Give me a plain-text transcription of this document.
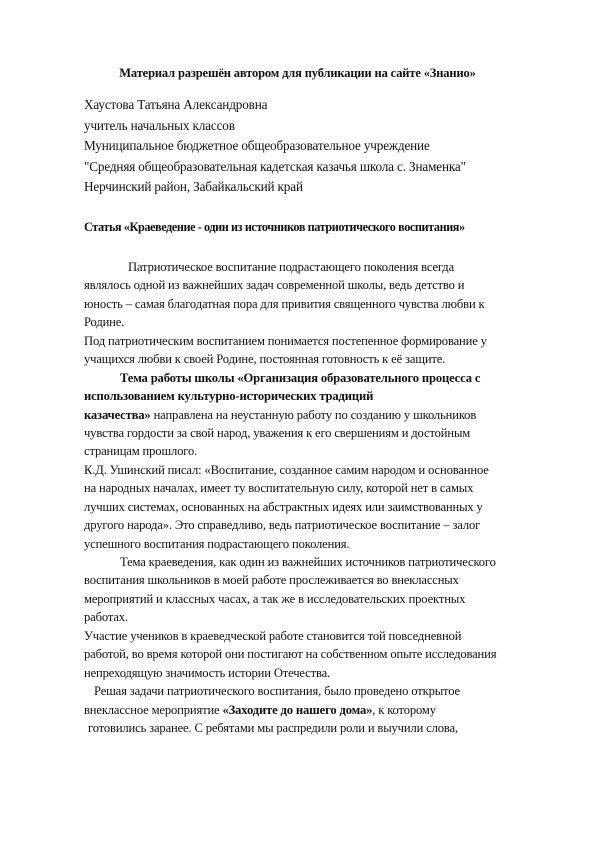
Материал разрешён автором для публикации на сайте «Знанио»
Хаустова Татьяна Александровна
учитель начальных классов
Муниципальное бюджетное общеобразовательное учреждение
"Средняя общеобразовательная кадетская казачья школа с. Знаменка"
Нерчинский район, Забайкальский край
Статья «Краеведение - один из источников патриотического воспитания»
Патриотическое воспитание подрастающего поколения всегда
являлось одной из важнейших задач современной школы, ведь детство и
юность – самая благодатная пора для привития священного чувства любви к
Родине.
Под патриотическим воспитанием понимается постепенное формирование у
учащихся любви к своей Родине, постоянная готовность к её защите.
Тема работы школы «Организация образовательного процесса с
использованием культурно-исторических традиций
казачества» направлена на неустанную работу по созданию у школьников
чувства гордости за свой народ, уважения к его свершениям и достойным
страницам прошлого.
К.Д. Ушинский писал: «Воспитание, созданное самим народом и основанное
на народных началах, имеет ту воспитательную силу, которой нет в самых
лучших системах, основанных на абстрактных идеях или заимствованных у
другого народа». Это справедливо, ведь патриотическое воспитание – залог
успешного воспитания подрастающего поколения.
Тема краеведения, как один из важнейших источников патриотического
воспитания школьников в моей работе прослеживается во внеклассных
мероприятий и классных часах, а так же в исследовательских проектных
работах.
Участие учеников в краеведческой работе становится той повседневной
работой, во время которой они постигают на собственном опыте исследования
непреходящую значимость истории Отечества.
Решая задачи патриотического воспитания, было проведено открытое
внеклассное мероприятие «Заходите до нашего дома», к которому
готовились заранее. С ребятами мы распредили роли и выучили слова,
